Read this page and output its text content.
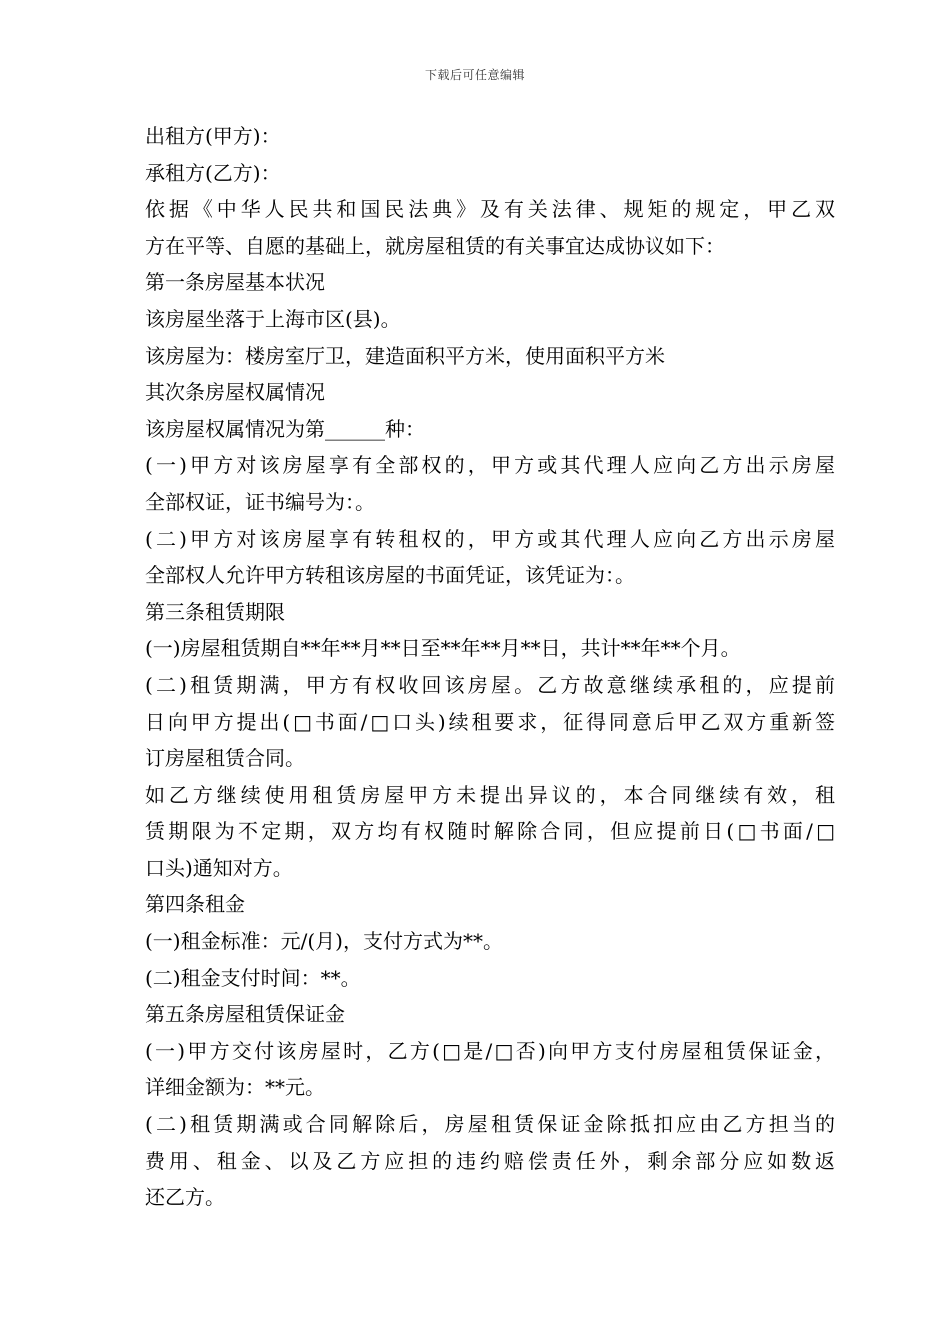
下载后可任意编辑
出租方(甲方)：
承租方(乙方)：
依据《中华人民共和国民法典》及有关法律、规矩的规定，甲乙双
方在平等、自愿的基础上，就房屋租赁的有关事宜达成协议如下：
第一条房屋基本状况
该房屋坐落于上海市区(县)。
该房屋为：楼房室厅卫，建造面积平方米，使用面积平方米
其次条房屋权属情况
该房屋权属情况为第______种：
(一)甲方对该房屋享有全部权的，甲方或其代理人应向乙方出示房屋
全部权证，证书编号为：。
(二)甲方对该房屋享有转租权的，甲方或其代理人应向乙方出示房屋
全部权人允许甲方转租该房屋的书面凭证，该凭证为：。
第三条租赁期限
(一)房屋租赁期自**年**月**日至**年**月**日，共计**年**个月。
(二)租赁期满，甲方有权收回该房屋。乙方故意继续承租的，应提前
日向甲方提出(□书面/□口头)续租要求，征得同意后甲乙双方重新签
订房屋租赁合同。
如乙方继续使用租赁房屋甲方未提出异议的，本合同继续有效，租
赁期限为不定期，双方均有权随时解除合同，但应提前日(□书面/□
口头)通知对方。
第四条租金
(一)租金标准：元/(月)，支付方式为**。
(二)租金支付时间：**。
第五条房屋租赁保证金
(一)甲方交付该房屋时，乙方(□是/□否)向甲方支付房屋租赁保证金，
详细金额为：**元。
(二)租赁期满或合同解除后，房屋租赁保证金除抵扣应由乙方担当的
费用、租金、以及乙方应担的违约赔偿责任外，剩余部分应如数返
还乙方。
